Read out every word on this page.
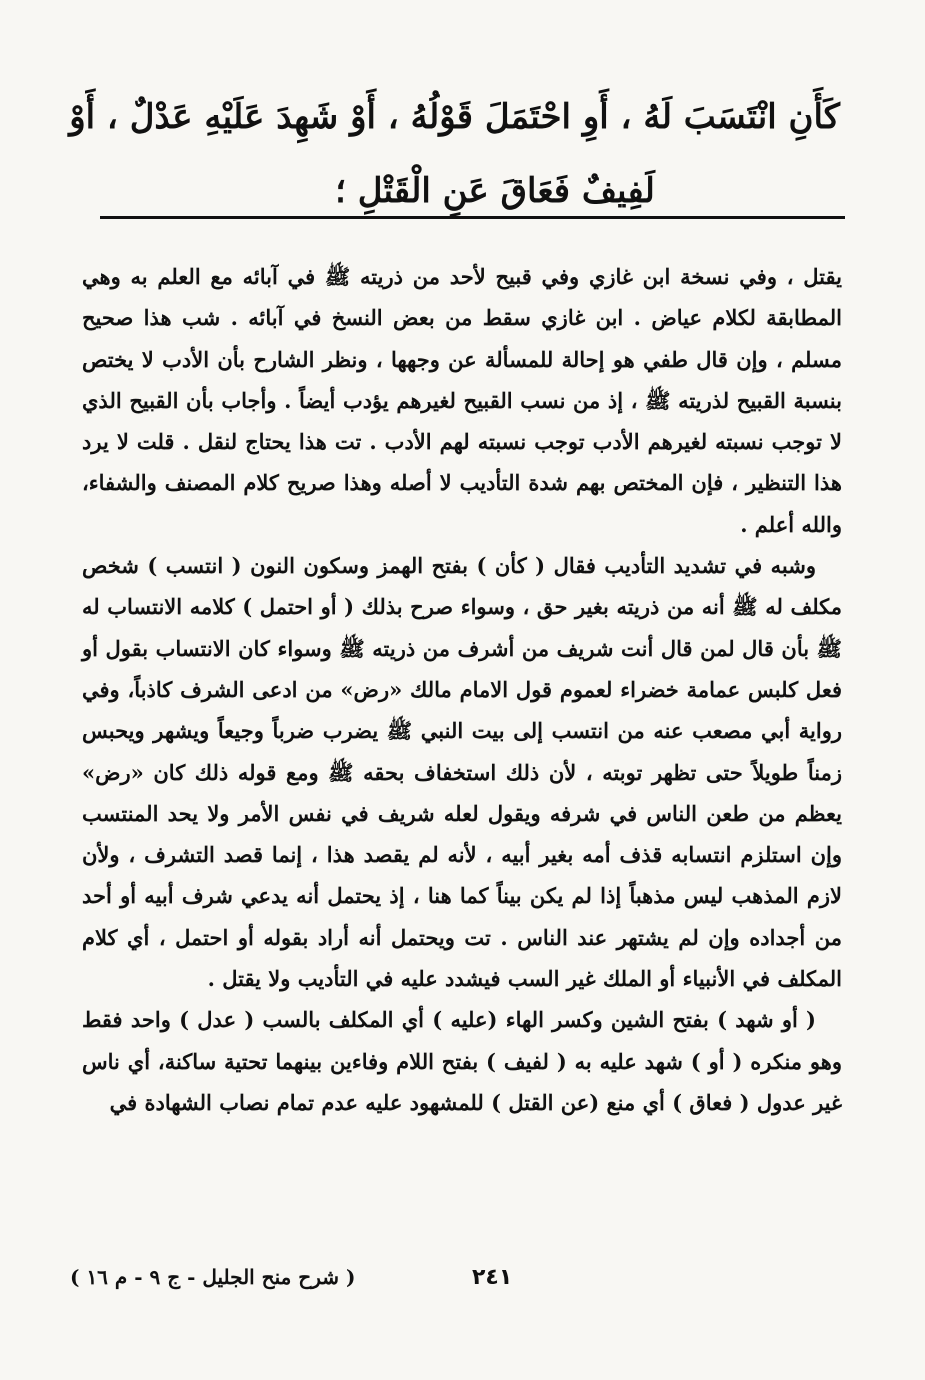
كَأَنِ انْتَسَبَ لَهُ ، أَوِ احْتَمَلَ قَوْلُهُ ، أَوْ شَهِدَ عَلَيْهِ عَدْلٌ ، أَوْ
لَفِيفٌ فَعَاقَ عَنِ الْقَتْلِ ؛

يقتل ، وفي نسخة ابن غازي وفي قبيح لأحد من ذريته ﷺ في آبائه مع العلم به وهي المطابقة لكلام عياض . ابن غازي سقط من بعض النسخ في آبائه . شب هذا صحيح مسلم ، وإن قال طفي هو إحالة للمسألة عن وجهها ، ونظر الشارح بأن الأدب لا يختص بنسبة القبيح لذريته ﷺ ، إذ من نسب القبيح لغيرهم يؤدب أيضاً . وأجاب بأن القبيح الذي لا توجب نسبته لغيرهم الأدب توجب نسبته لهم الأدب . تت هذا يحتاج لنقل . قلت لا يرد هذا التنظير ، فإن المختص بهم شدة التأديب لا أصله وهذا صريح كلام المصنف والشفاء، والله أعلم .

وشبه في تشديد التأديب فقال ( كأن ) بفتح الهمز وسكون النون ( انتسب ) شخص مكلف له ﷺ أنه من ذريته بغير حق ، وسواء صرح بذلك ( أو احتمل ) كلامه الانتساب له ﷺ بأن قال لمن قال أنت شريف من أشرف من ذريته ﷺ وسواء كان الانتساب بقول أو فعل كلبس عمامة خضراء لعموم قول الامام مالك «رض» من ادعى الشرف كاذباً، وفي رواية أبي مصعب عنه من انتسب إلى بيت النبي ﷺ يضرب ضرباً وجيعاً ويشهر ويحبس زمناً طويلاً حتى تظهر توبته ، لأن ذلك استخفاف بحقه ﷺ ومع قوله ذلك كان «رض» يعظم من طعن الناس في شرفه ويقول لعله شريف في نفس الأمر ولا يحد المنتسب وإن استلزم انتسابه قذف أمه بغير أبيه ، لأنه لم يقصد هذا ، إنما قصد التشرف ، ولأن لازم المذهب ليس مذهباً إذا لم يكن بيناً كما هنا ، إذ يحتمل أنه يدعي شرف أبيه أو أحد من أجداده وإن لم يشتهر عند الناس . تت ويحتمل أنه أراد بقوله أو احتمل ، أي كلام المكلف في الأنبياء أو الملك غير السب فيشدد عليه في التأديب ولا يقتل .

( أو شهد ) بفتح الشين وكسر الهاء (عليه ) أي المكلف بالسب ( عدل ) واحد فقط وهو منكره ( أو ) شهد عليه به ( لفيف ) بفتح اللام وفاءين بينهما تحتية ساكنة، أي ناس غير عدول ( فعاق ) أي منع (عن القتل ) للمشهود عليه عدم تمام نصاب الشهادة في

( شرح منح الجليل - ج ٩ - م ١٦ )	٢٤١
